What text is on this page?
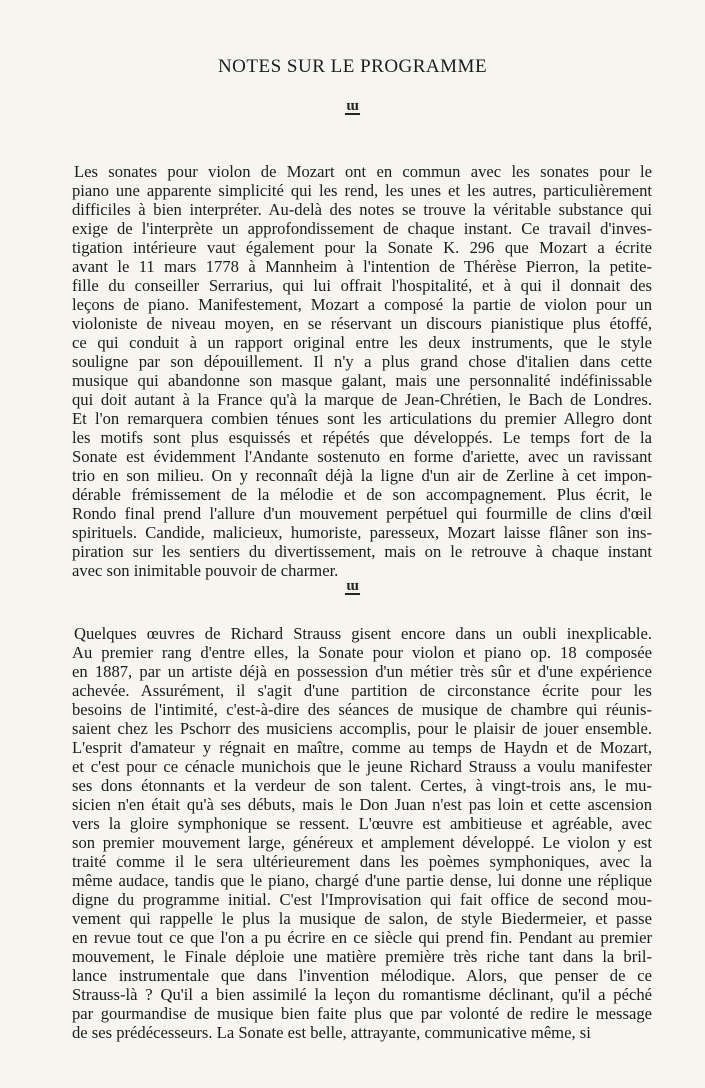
NOTES SUR LE PROGRAMME
ɯ
Les sonates pour violon de Mozart ont en commun avec les sonates pour le
piano une apparente simplicité qui les rend, les unes et les autres, particulièrement
difficiles à bien interpréter. Au-delà des notes se trouve la véritable substance qui
exige de l'interprète un approfondissement de chaque instant. Ce travail d'inves-
tigation intérieure vaut également pour la Sonate K. 296 que Mozart a écrite
avant le 11 mars 1778 à Mannheim à l'intention de Thérèse Pierron, la petite-
fille du conseiller Serrarius, qui lui offrait l'hospitalité, et à qui il donnait des
leçons de piano. Manifestement, Mozart a composé la partie de violon pour un
violoniste de niveau moyen, en se réservant un discours pianistique plus étoffé,
ce qui conduit à un rapport original entre les deux instruments, que le style
souligne par son dépouillement. Il n'y a plus grand chose d'italien dans cette
musique qui abandonne son masque galant, mais une personnalité indéfinissable
qui doit autant à la France qu'à la marque de Jean-Chrétien, le Bach de Londres.
Et l'on remarquera combien ténues sont les articulations du premier Allegro dont
les motifs sont plus esquissés et répétés que développés. Le temps fort de la
Sonate est évidemment l'Andante sostenuto en forme d'ariette, avec un ravissant
trio en son milieu. On y reconnaît déjà la ligne d'un air de Zerline à cet impon-
dérable frémissement de la mélodie et de son accompagnement. Plus écrit, le
Rondo final prend l'allure d'un mouvement perpétuel qui fourmille de clins d'œil
spirituels. Candide, malicieux, humoriste, paresseux, Mozart laisse flâner son ins-
piration sur les sentiers du divertissement, mais on le retrouve à chaque instant
avec son inimitable pouvoir de charmer.
ɯ
Quelques œuvres de Richard Strauss gisent encore dans un oubli inexplicable.
Au premier rang d'entre elles, la Sonate pour violon et piano op. 18 composée
en 1887, par un artiste déjà en possession d'un métier très sûr et d'une expérience
achevée. Assurément, il s'agit d'une partition de circonstance écrite pour les
besoins de l'intimité, c'est-à-dire des séances de musique de chambre qui réunis-
saient chez les Pschorr des musiciens accomplis, pour le plaisir de jouer ensemble.
L'esprit d'amateur y régnait en maître, comme au temps de Haydn et de Mozart,
et c'est pour ce cénacle munichois que le jeune Richard Strauss a voulu manifester
ses dons étonnants et la verdeur de son talent. Certes, à vingt-trois ans, le mu-
sicien n'en était qu'à ses débuts, mais le Don Juan n'est pas loin et cette ascension
vers la gloire symphonique se ressent. L'œuvre est ambitieuse et agréable, avec
son premier mouvement large, généreux et amplement développé. Le violon y est
traité comme il le sera ultérieurement dans les poèmes symphoniques, avec la
même audace, tandis que le piano, chargé d'une partie dense, lui donne une réplique
digne du programme initial. C'est l'Improvisation qui fait office de second mou-
vement qui rappelle le plus la musique de salon, de style Biedermeier, et passe
en revue tout ce que l'on a pu écrire en ce siècle qui prend fin. Pendant au premier
mouvement, le Finale déploie une matière première très riche tant dans la bril-
lance instrumentale que dans l'invention mélodique. Alors, que penser de ce
Strauss-là ? Qu'il a bien assimilé la leçon du romantisme déclinant, qu'il a péché
par gourmandise de musique bien faite plus que par volonté de redire le message
de ses prédécesseurs. La Sonate est belle, attrayante, communicative même, si
